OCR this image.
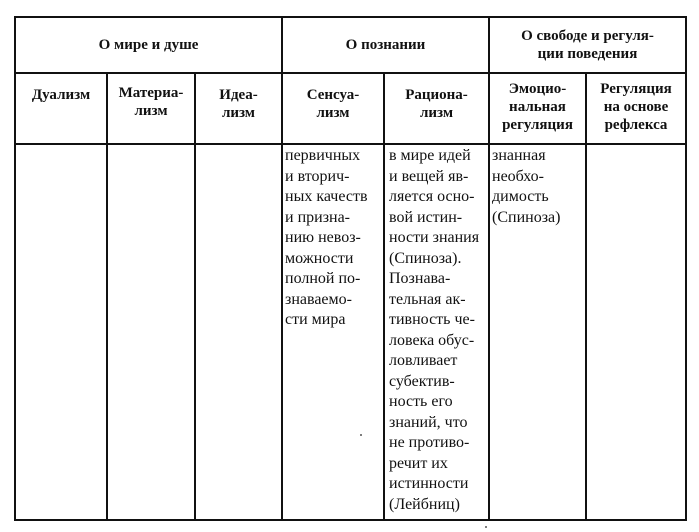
О мире и душе	О познании
О свободе и регуля-
ции поведения
Дуализм Материа-
лизм
Идеа-
лизм
Сенсуа-
лизм
Рациона-
лизм
Эмоцио-
нальная
регуляция
Регуляция
на основе
рефлекса
первичных
и вторич-
ных качеств
и призна-
нию невоз-
можности
полной по-
знаваемо-
сти мира
в мире идей
и вещей яв-
ляется осно-
вой истин-
ности знания
(Спиноза).
Познава-
тельная ак-
тивность че-
ловека обус-
ловливает
субектив-
ность его
знаний, что
не противо-
речит их
истинности
(Лейбниц)
знанная
необхо-
димость
(Спиноза)
